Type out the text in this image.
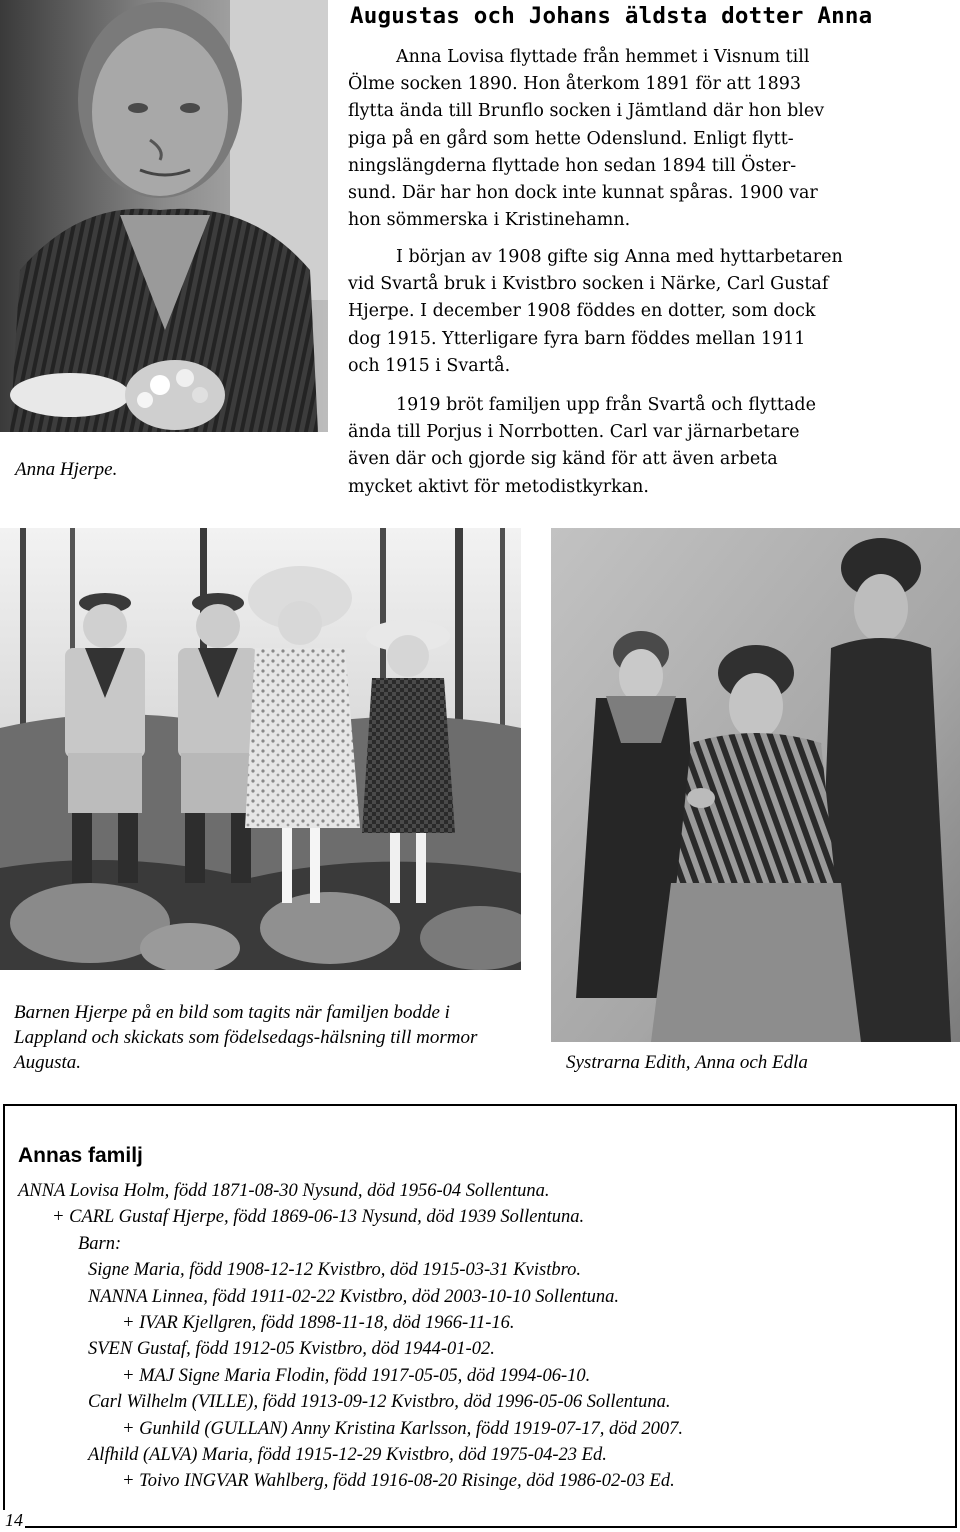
Anna Hjerpe.
Augustas och Johans äldsta dotter Anna
Anna Lovisa flyttade från hemmet i Visnum till
Ölme socken 1890. Hon återkom 1891 för att 1893
flytta ända till Brunflo socken i Jämtland där hon blev
piga på en gård som hette Odenslund. Enligt flytt-
ningslängderna flyttade hon sedan 1894 till Öster-
sund. Där har hon dock inte kunnat spåras. 1900 var
hon sömmerska i Kristinehamn.
I början av 1908 gifte sig Anna med hyttarbetaren
vid Svartå bruk i Kvistbro socken i Närke, Carl Gustaf
Hjerpe. I december 1908 föddes en dotter, som dock
dog 1915. Ytterligare fyra barn föddes mellan 1911
och 1915 i Svartå.
1919 bröt familjen upp från Svartå och flyttade
ända till Porjus i Norrbotten. Carl var järnarbetare
även där och gjorde sig känd för att även arbeta
mycket aktivt för metodistkyrkan.
Barnen Hjerpe på en bild som tagits när familjen bodde i Lappland och skickats som födelsedags-hälsning till mormor Augusta.	Systrarna Edith, Anna och Edla
Annas familj
ANNA Lovisa Holm, född 1871-08-30 Nysund, död 1956-04 Sollentuna.
+ CARL Gustaf Hjerpe, född 1869-06-13 Nysund, död 1939 Sollentuna.
Barn:
Signe Maria, född 1908-12-12 Kvistbro, död 1915-03-31 Kvistbro.
NANNA Linnea, född 1911-02-22 Kvistbro, död 2003-10-10 Sollentuna.
+ IVAR Kjellgren, född 1898-11-18, död 1966-11-16.
SVEN Gustaf, född 1912-05 Kvistbro, död 1944-01-02.
+ MAJ Signe Maria Flodin, född 1917-05-05, död 1994-06-10.
Carl Wilhelm (VILLE), född 1913-09-12 Kvistbro, död 1996-05-06 Sollentuna.
+ Gunhild (GULLAN) Anny Kristina Karlsson, född 1919-07-17, död 2007.
Alfhild (ALVA) Maria, född 1915-12-29 Kvistbro, död 1975-04-23 Ed.
+ Toivo INGVAR Wahlberg, född 1916-08-20 Risinge, död 1986-02-03 Ed.
14
